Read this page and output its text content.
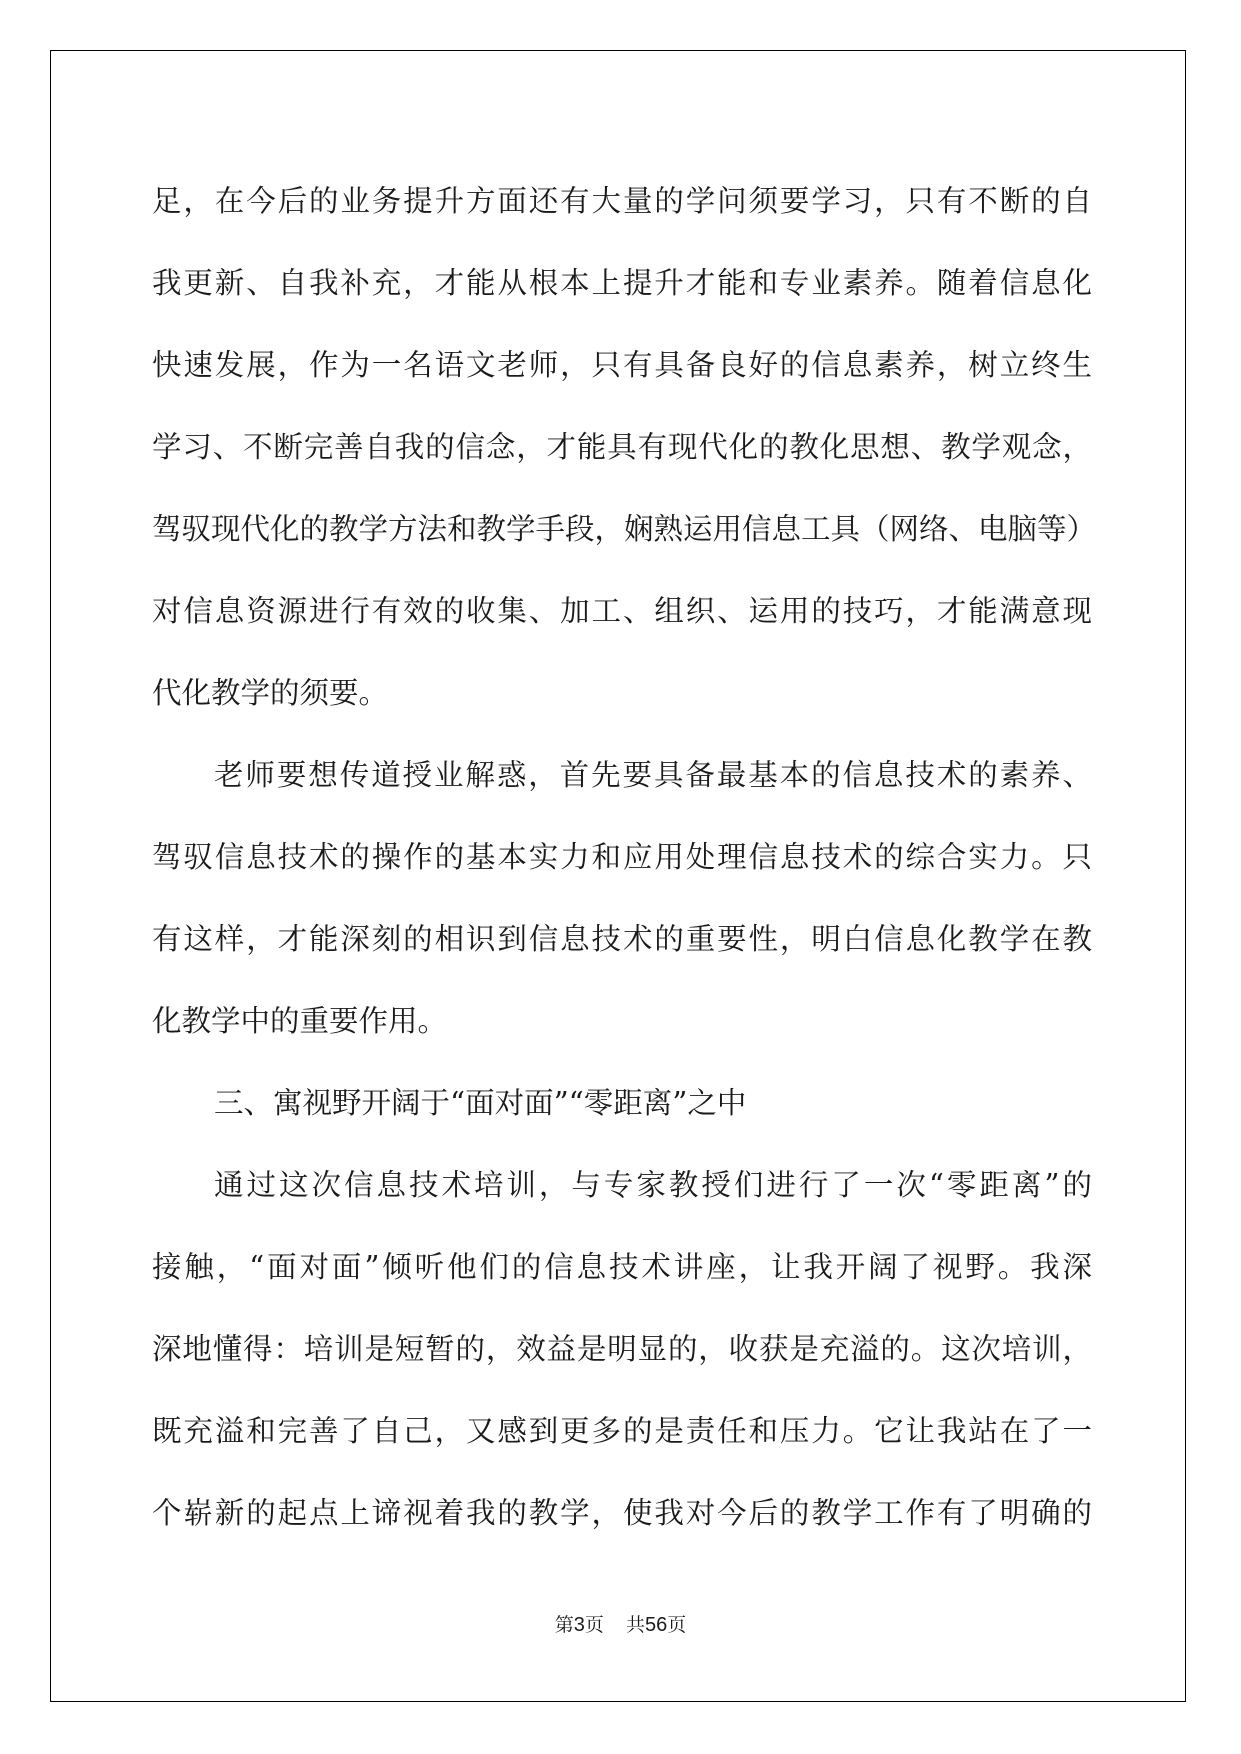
足，在今后的业务提升方面还有大量的学问须要学习，只有不断的自
我更新、自我补充，才能从根本上提升才能和专业素养。随着信息化
快速发展，作为一名语文老师，只有具备良好的信息素养，树立终生
学习、不断完善自我的信念，才能具有现代化的教化思想、教学观念，
驾驭现代化的教学方法和教学手段，娴熟运用信息工具（网络、电脑等）
对信息资源进行有效的收集、加工、组织、运用的技巧，才能满意现
代化教学的须要。
老师要想传道授业解惑，首先要具备最基本的信息技术的素养、
驾驭信息技术的操作的基本实力和应用处理信息技术的综合实力。只
有这样，才能深刻的相识到信息技术的重要性，明白信息化教学在教
化教学中的重要作用。
三、寓视野开阔于“面对面”“零距离”之中
通过这次信息技术培训，与专家教授们进行了一次“零距离”的
接触，“面对面”倾听他们的信息技术讲座，让我开阔了视野。我深
深地懂得：培训是短暂的，效益是明显的，收获是充溢的。这次培训，
既充溢和完善了自己，又感到更多的是责任和压力。它让我站在了一
个崭新的起点上谛视着我的教学，使我对今后的教学工作有了明确的
第3页 共56页
